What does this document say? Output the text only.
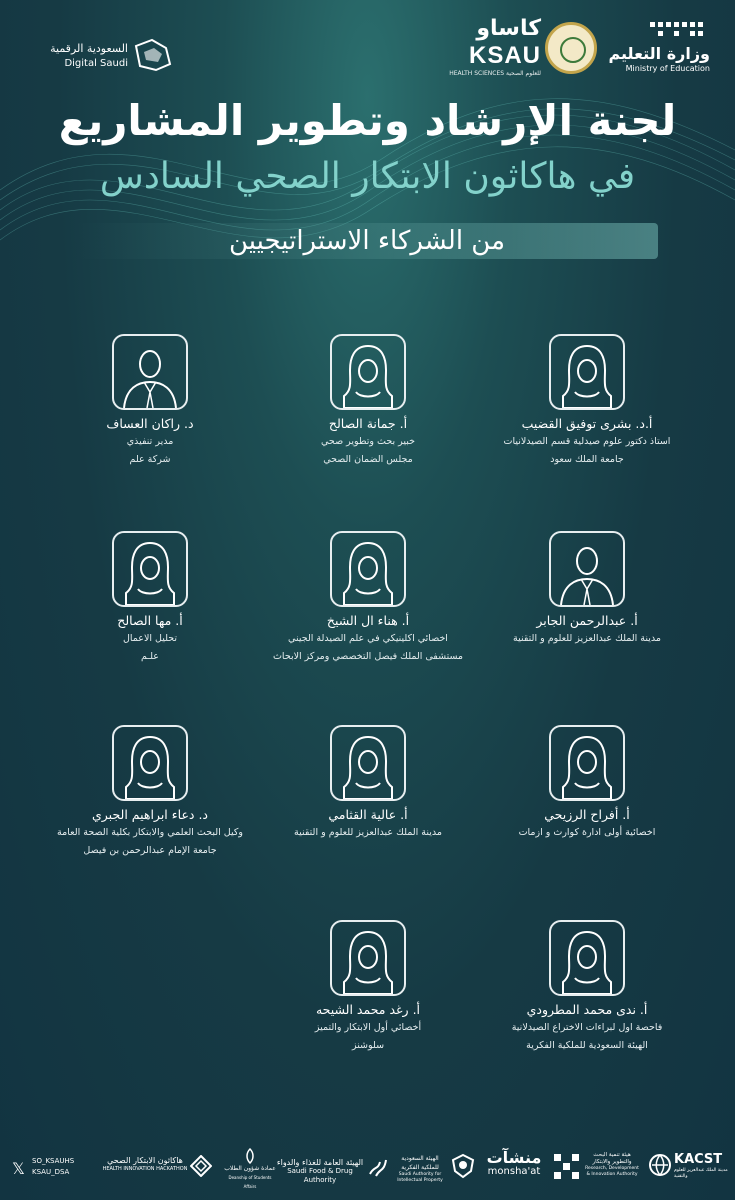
السعودية الرقمية
Digital Saudi
كاساو
KSAU
HEALTH SCIENCES للعلوم الصحية
وزارة التعليم
Ministry of Education
لجنة الإرشاد وتطوير المشاريع
في هاكاثون الابتكار الصحي السادس
من الشركاء الاستراتيجيين
أ.د. بشرى توفيق القضيب
استاذ دكتور علوم صيدلية قسم الصيدلانيات
جامعة الملك سعود
أ. جمانة الصالح
خبير بحث وتطوير صحي
مجلس الضمان الصحي
د. راكان العساف
مدير تنفيذي
شركة علم
أ. عبدالرحمن الجابر
مدينة الملك عبدالعزيز للعلوم و التقنية
أ. هناء ال الشيخ
اخصائي اكلينيكي في علم الصيدلة الجيني
مستشفى الملك فيصل التخصصي ومركز الابحاث
أ. مها الصالح
تحليل الاعمال
علـم
أ. أفراح الرزيحي
اخصائية أولى ادارة كوارث و ازمات
أ. عالية القثامي
مدينة الملك عبدالعزيز للعلوم و التقنية
د. دعاء ابراهيم الجبري
وكيل البحث العلمي والابتكار بكلية الصحة العامة
جامعة الإمام عبدالرحمن بن فيصل
أ. ندى محمد المطرودي
فاحصة اول لبراءات الاختراع الصيدلانية
الهيئة السعودية للملكية الفكرية
أ. رغد محمد الشيحه
أخصائي أول الابتكار والتميز
سلوشنز
𝕏 SO_KSAUHS
KSAU_DSA
هاكاثون الابتكار الصحي
HEALTH INNOVATION HACKATHON	عمادة شؤون الطلاب
Deanship of Students Affairs
الهيئة العامة للغذاء والدواء
Saudi Food & Drug Authority
الهيئة السعودية للملكية الفكرية
Saudi Authority for Intellectual Property
منشآت
monsha'at
هيئة تنمية البحث والتطوير والابتكار
Research, Development & Innovation Authority
KACST
مدينة الملك عبدالعزيز للعلوم والتقنية
